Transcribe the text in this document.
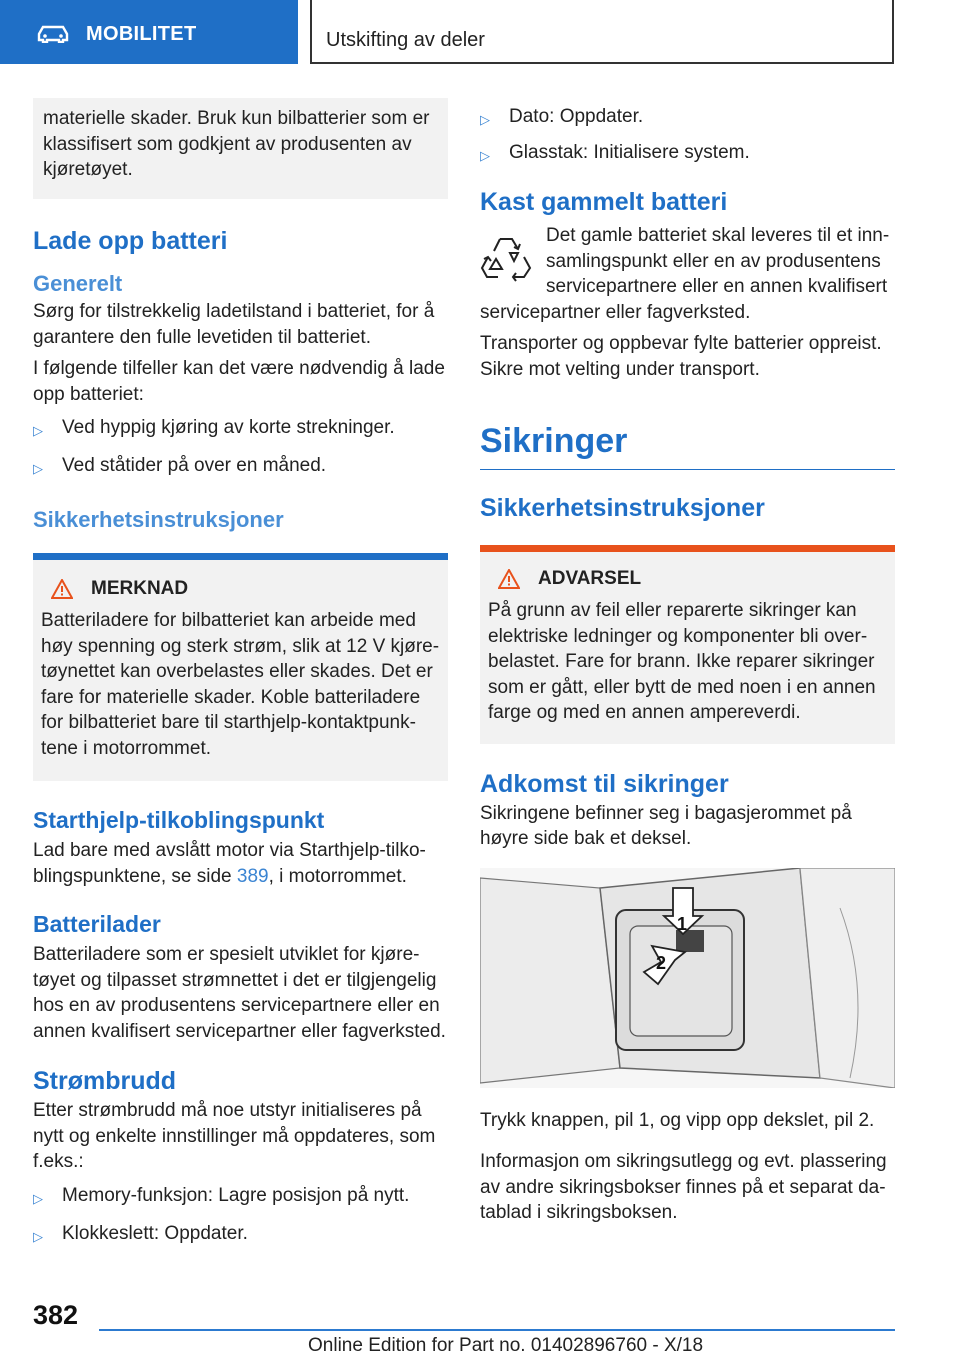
MOBILITET	Utskifting av deler

materielle skader. Bruk kun bilbatterier som er klassifisert som godkjent av produsenten av kjøretøyet.

Lade opp batteri
Generelt

Sørg for tilstrekkelig ladetilstand i batteriet, for å garantere den fulle levetiden til batteriet.

I følgende tilfeller kan det være nødvendig å lade opp batteriet:

▷	Ved hyppig kjøring av korte strekninger.
▷	Ved ståtider på over en måned.
Sikkerhetsinstruksjoner
MERKNAD

Batteriladere for bilbatteriet kan arbeide med høy spenning og sterk strøm, slik at 12 V kjøretøynettet kan overbelastes eller skades. Det er fare for materielle skader. Koble batteriladere for bilbatteriet bare til starthjelp-kontaktpunktene i motorrommet.

Starthjelp-tilkoblingspunkt

Lad bare med avslått motor via Starthjelp-tilkoblingspunktene, se side 389, i motorrommet.

Batterilader

Batteriladere som er spesielt utviklet for kjøretøyet og tilpasset strømnettet i det er tilgjengelig hos en av produsentens servicepartnere eller en annen kvalifisert servicepartner eller fagverksted.

Strømbrudd

Etter strømbrudd må noe utstyr initialiseres på nytt og enkelte innstillinger må oppdateres, som f.eks.:

▷	Memory-funksjon: Lagre posisjon på nytt.
▷	Klokkeslett: Oppdater.
▷	Dato: Oppdater.
▷	Glasstak: Initialisere system.
Kast gammelt batteri

Det gamle batteriet skal leveres til et innsamlingspunkt eller en av produsentens servicepartnere eller en annen kvalifisert

servicepartner eller fagverksted.

Transporter og oppbevar fylte batterier oppreist. Sikre mot velting under transport.

Sikringer
Sikkerhetsinstruksjoner
ADVARSEL

På grunn av feil eller reparerte sikringer kan elektriske ledninger og komponenter bli overbelastet. Fare for brann. Ikke reparer sikringer som er gått, eller bytt de med noen i en annen farge og med en annen ampereverdi.

Adkomst til sikringer

Sikringene befinner seg i bagasjerommet på høyre side bak et deksel.

1
2

Trykk knappen, pil 1, og vipp opp dekslet, pil 2.

Informasjon om sikringsutlegg og evt. plassering av andre sikringsbokser finnes på et separat datablad i sikringsboksen.

382
Online Edition for Part no. 01402896760 - X/18
